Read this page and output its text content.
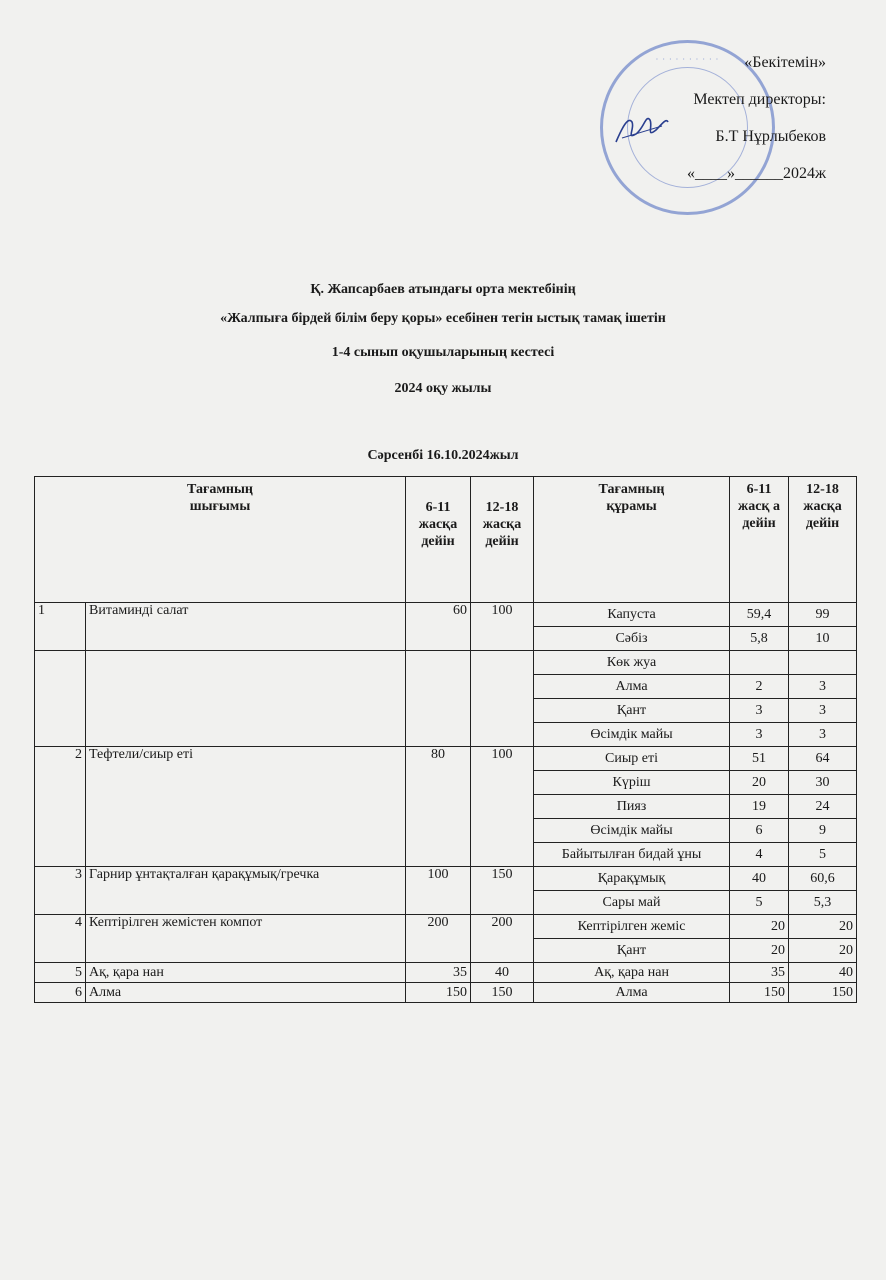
· · · · · · · · · ·	«Бекітемін»
Мектеп директоры:
Б.Т Нұрлыбеков
«____»______2024ж
Қ. Жапсарбаев атындағы орта мектебінің
«Жалпыға бірдей білім беру қоры» есебінен тегін ыстық тамақ ішетін
1-4 сынып оқушыларының кестесі
2024 оқу жылы
Сәрсенбі 16.10.2024жыл
Тағамның
шығымы		6-11 жасқа дейін	12-18 жасқа дейін	Тағамның
құрамы	6-11 жасқ а дейін	12-18 жасқа дейін
1	Витаминді салат	60	100	Капуста	59,4	99
				Сәбіз	5,8	10
				Көк жуа		
				Алма	2	3
				Қант	3	3
				Өсімдік майы	3	3
2	Тефтели/сиыр еті	80	100	Сиыр еті	51	64
				Күріш	20	30
				Пияз	19	24
				Өсімдік майы	6	9
				Байытылған бидай ұны	4	5
3	Гарнир ұнтақталған қарақұмық/гречка	100	150	Қарақұмық	40	60,6
				Сары май	5	5,3
4	Кептірілген жемістен компот	200	200	Кептірілген жеміс	20	20
				Қант	20	20
5	Ақ, қара нан	35	40	Ақ, қара нан	35	40
6	Алма	150	150	Алма	150	150
